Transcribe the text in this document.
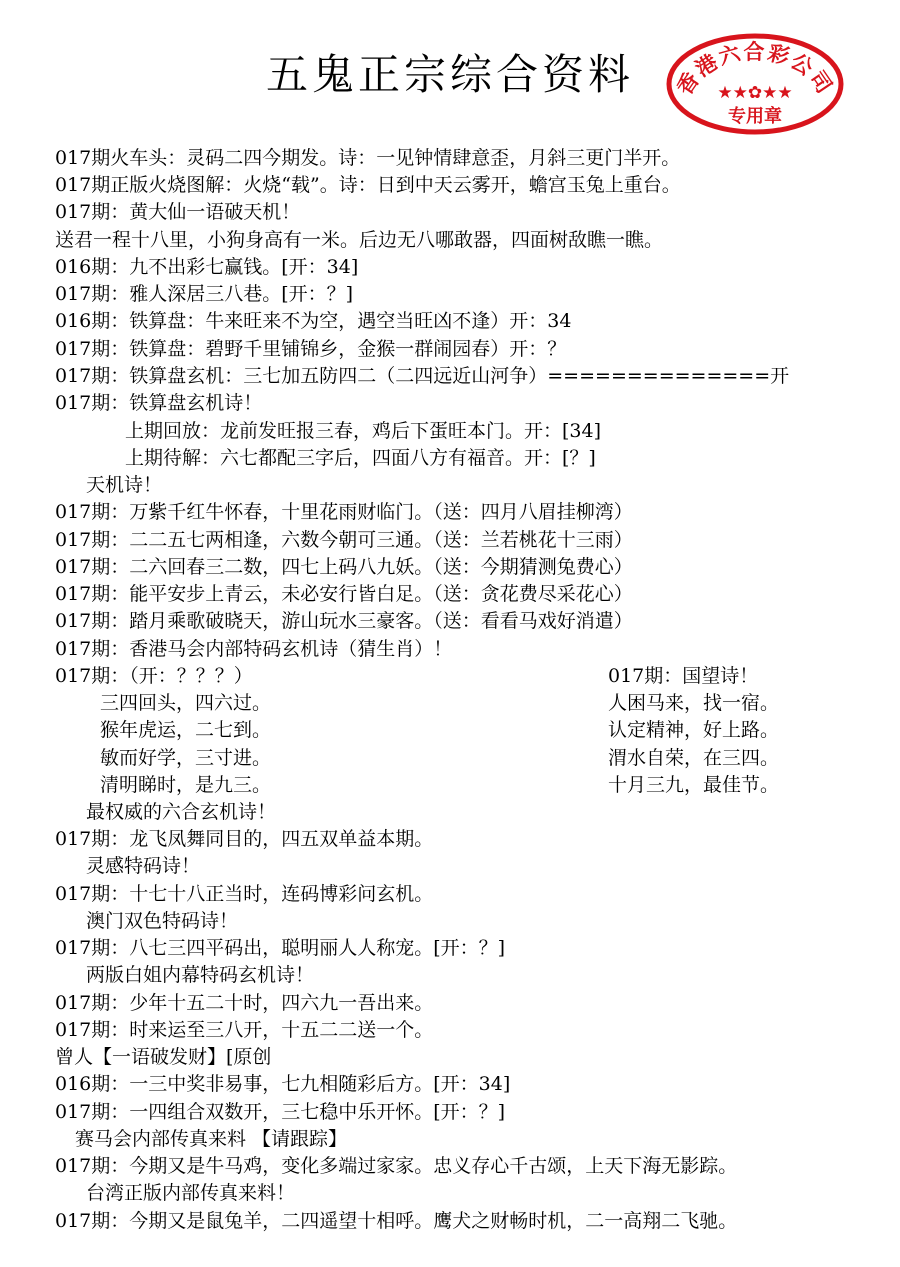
五鬼正宗综合资料	香港六合彩公司
★★✿★★
专用章
017期火车头：灵码二四今期发。诗：一见钟情肆意歪，月斜三更门半开。
017期正版火烧图解：火烧“载”。诗：日到中天云雾开，蟾宫玉兔上重台。
017期：黄大仙一语破天机！
送君一程十八里，小狗身高有一米。后边无八哪敢器，四面树敌瞧一瞧。
016期：九不出彩七赢钱。[开：34]
017期：雅人深居三八巷。[开：？]
016期：铁算盘：牛来旺来不为空，遇空当旺凶不逢）开：34
017期：铁算盘：碧野千里铺锦乡，金猴一群闹园春）开：？
017期：铁算盘玄机：三七加五防四二（二四远近山河争）==============开
017期：铁算盘玄机诗！
上期回放：龙前发旺报三春，鸡后下蛋旺本门。开：[34]
上期待解：六七都配三字后，四面八方有福音。开：[？]
天机诗！
017期：万紫千红牛怀春，十里花雨财临门。（送：四月八眉挂柳湾）
017期：二二五七两相逢，六数今朝可三通。（送：兰若桃花十三雨）
017期：二六回春三二数，四七上码八九妖。（送：今期猜测兔费心）
017期：能平安步上青云，未必安行皆白足。（送：贪花费尽采花心）
017期：踏月乘歌破晓天，游山玩水三豪客。（送：看看马戏好消遣）
017期：香港马会内部特码玄机诗（猜生肖）！
017期：（开：？？？）
三四回头，四六过。
猴年虎运，二七到。
敏而好学，三寸进。
清明睇时，是九三。
最权威的六合玄机诗！
017期：龙飞凤舞同目的，四五双单益本期。
灵感特码诗！
017期：十七十八正当时，连码博彩问玄机。
澳门双色特码诗！
017期：八七三四平码出，聪明丽人人称宠。[开：？]
两版白姐内幕特码玄机诗！
017期：少年十五二十时，四六九一吾出来。
017期：时来运至三八开，十五二二送一个。
曾人【一语破发财】[原创
016期：一三中奖非易事，七九相随彩后方。[开：34]
017期：一四组合双数开，三七稳中乐开怀。[开：？]
赛马会内部传真来料 【请跟踪】
017期：今期又是牛马鸡，变化多端过家家。忠义存心千古颂，上天下海无影踪。
台湾正版内部传真来料！
017期：今期又是鼠兔羊，二四遥望十相呼。鹰犬之财畅时机，二一高翔二飞驰。
017期：国望诗！
人困马来，找一宿。
认定精神，好上路。
渭水自荣，在三四。
十月三九，最佳节。
